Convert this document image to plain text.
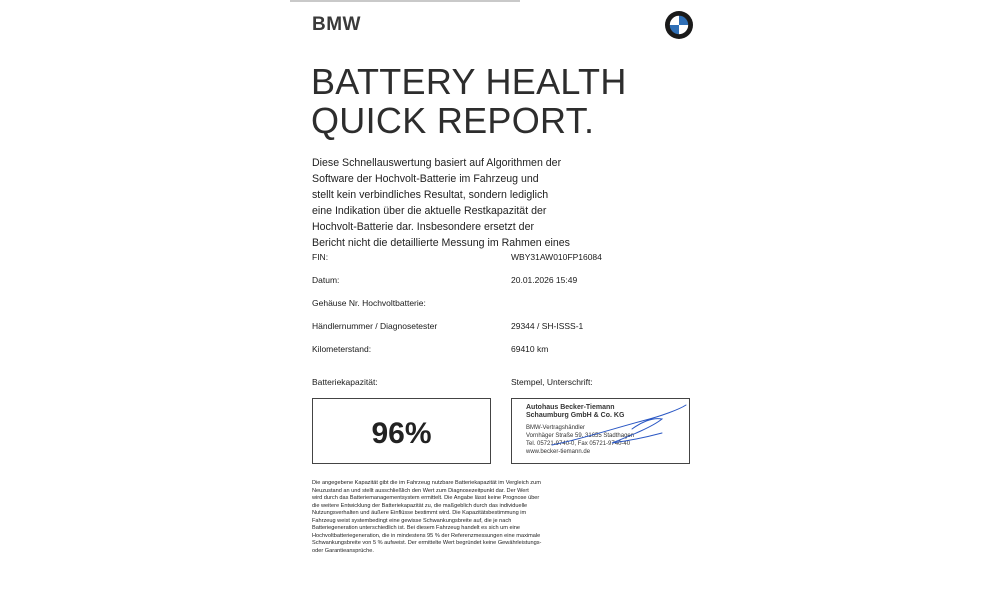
BMW
BATTERY HEALTH
QUICK REPORT.
Diese Schnellauswertung basiert auf Algorithmen der
Software der Hochvolt-Batterie im Fahrzeug und
stellt kein verbindliches Resultat, sondern lediglich
eine Indikation über die aktuelle Restkapazität der
Hochvolt-Batterie dar. Insbesondere ersetzt der
Bericht nicht die detaillierte Messung im Rahmen eines
FIN:	WBY31AW010FP16084
Datum:	20.01.2026 15:49
Gehäuse Nr. Hochvoltbatterie:
Händlernummer / Diagnosetester	29344 / SH-ISSS-1
Kilometerstand:	69410 km
Batteriekapazität:	Stempel, Unterschrift:
96%
Autohaus Becker-Tiemann
Schaumburg GmbH & Co. KG
BMW-Vertragshändler
Vornhäger Straße 59, 31655 Stadthagen
Tel. 05721-9740-0, Fax 05721-9740-40
www.becker-tiemann.de
Die angegebene Kapazität gibt die im Fahrzeug nutzbare Batteriekapazität im Vergleich zum
Neuzustand an und stellt ausschließlich den Wert zum Diagnosezeitpunkt dar. Der Wert
wird durch das Batteriemanagementsystem ermittelt. Die Angabe lässt keine Prognose über
die weitere Entwicklung der Batteriekapazität zu, die maßgeblich durch das individuelle
Nutzungsverhalten und äußere Einflüsse bestimmt wird. Die Kapazitätsbestimmung im
Fahrzeug weist systembedingt eine gewisse Schwankungsbreite auf, die je nach
Batteriegeneration unterschiedlich ist. Bei diesem Fahrzeug handelt es sich um eine
Hochvoltbatteriegeneration, die in mindestens 95 % der Referenzmessungen eine maximale
Schwankungsbreite von 5 % aufweist. Der ermittelte Wert begründet keine Gewährleistungs-
oder Garantieansprüche.
